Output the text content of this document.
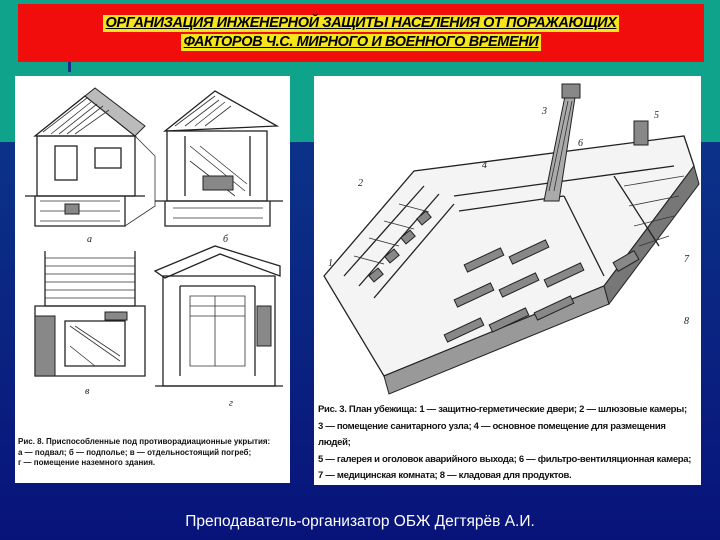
ОРГАНИЗАЦИЯ ИНЖЕНЕРНОЙ ЗАЩИТЫ НАСЕЛЕНИЯ ОТ ПОРАЖАЮЩИХ
ФАКТОРОВ Ч.С. МИРНОГО И ВОЕННОГО ВРЕМЕНИ
а	б
в
г
Рис. 8. Приспособленные под противорадиационные укрытия:
а — подвал; б — подполье; в — отдельностоящий погреб;
г — помещение наземного здания.
1
3
4
5
7
8
2
6
Рис. 3. План убежища: 1 — защитно-герметические двери; 2 — шлюзовые камеры;
3 — помещение санитарного узла; 4 — основное помещение для размещения людей;
5 — галерея и оголовок аварийного выхода; 6 — фильтро-вентиляционная камера;
7 — медицинская комната; 8 — кладовая для продуктов.
Преподаватель-организатор ОБЖ Дегтярёв А.И.
